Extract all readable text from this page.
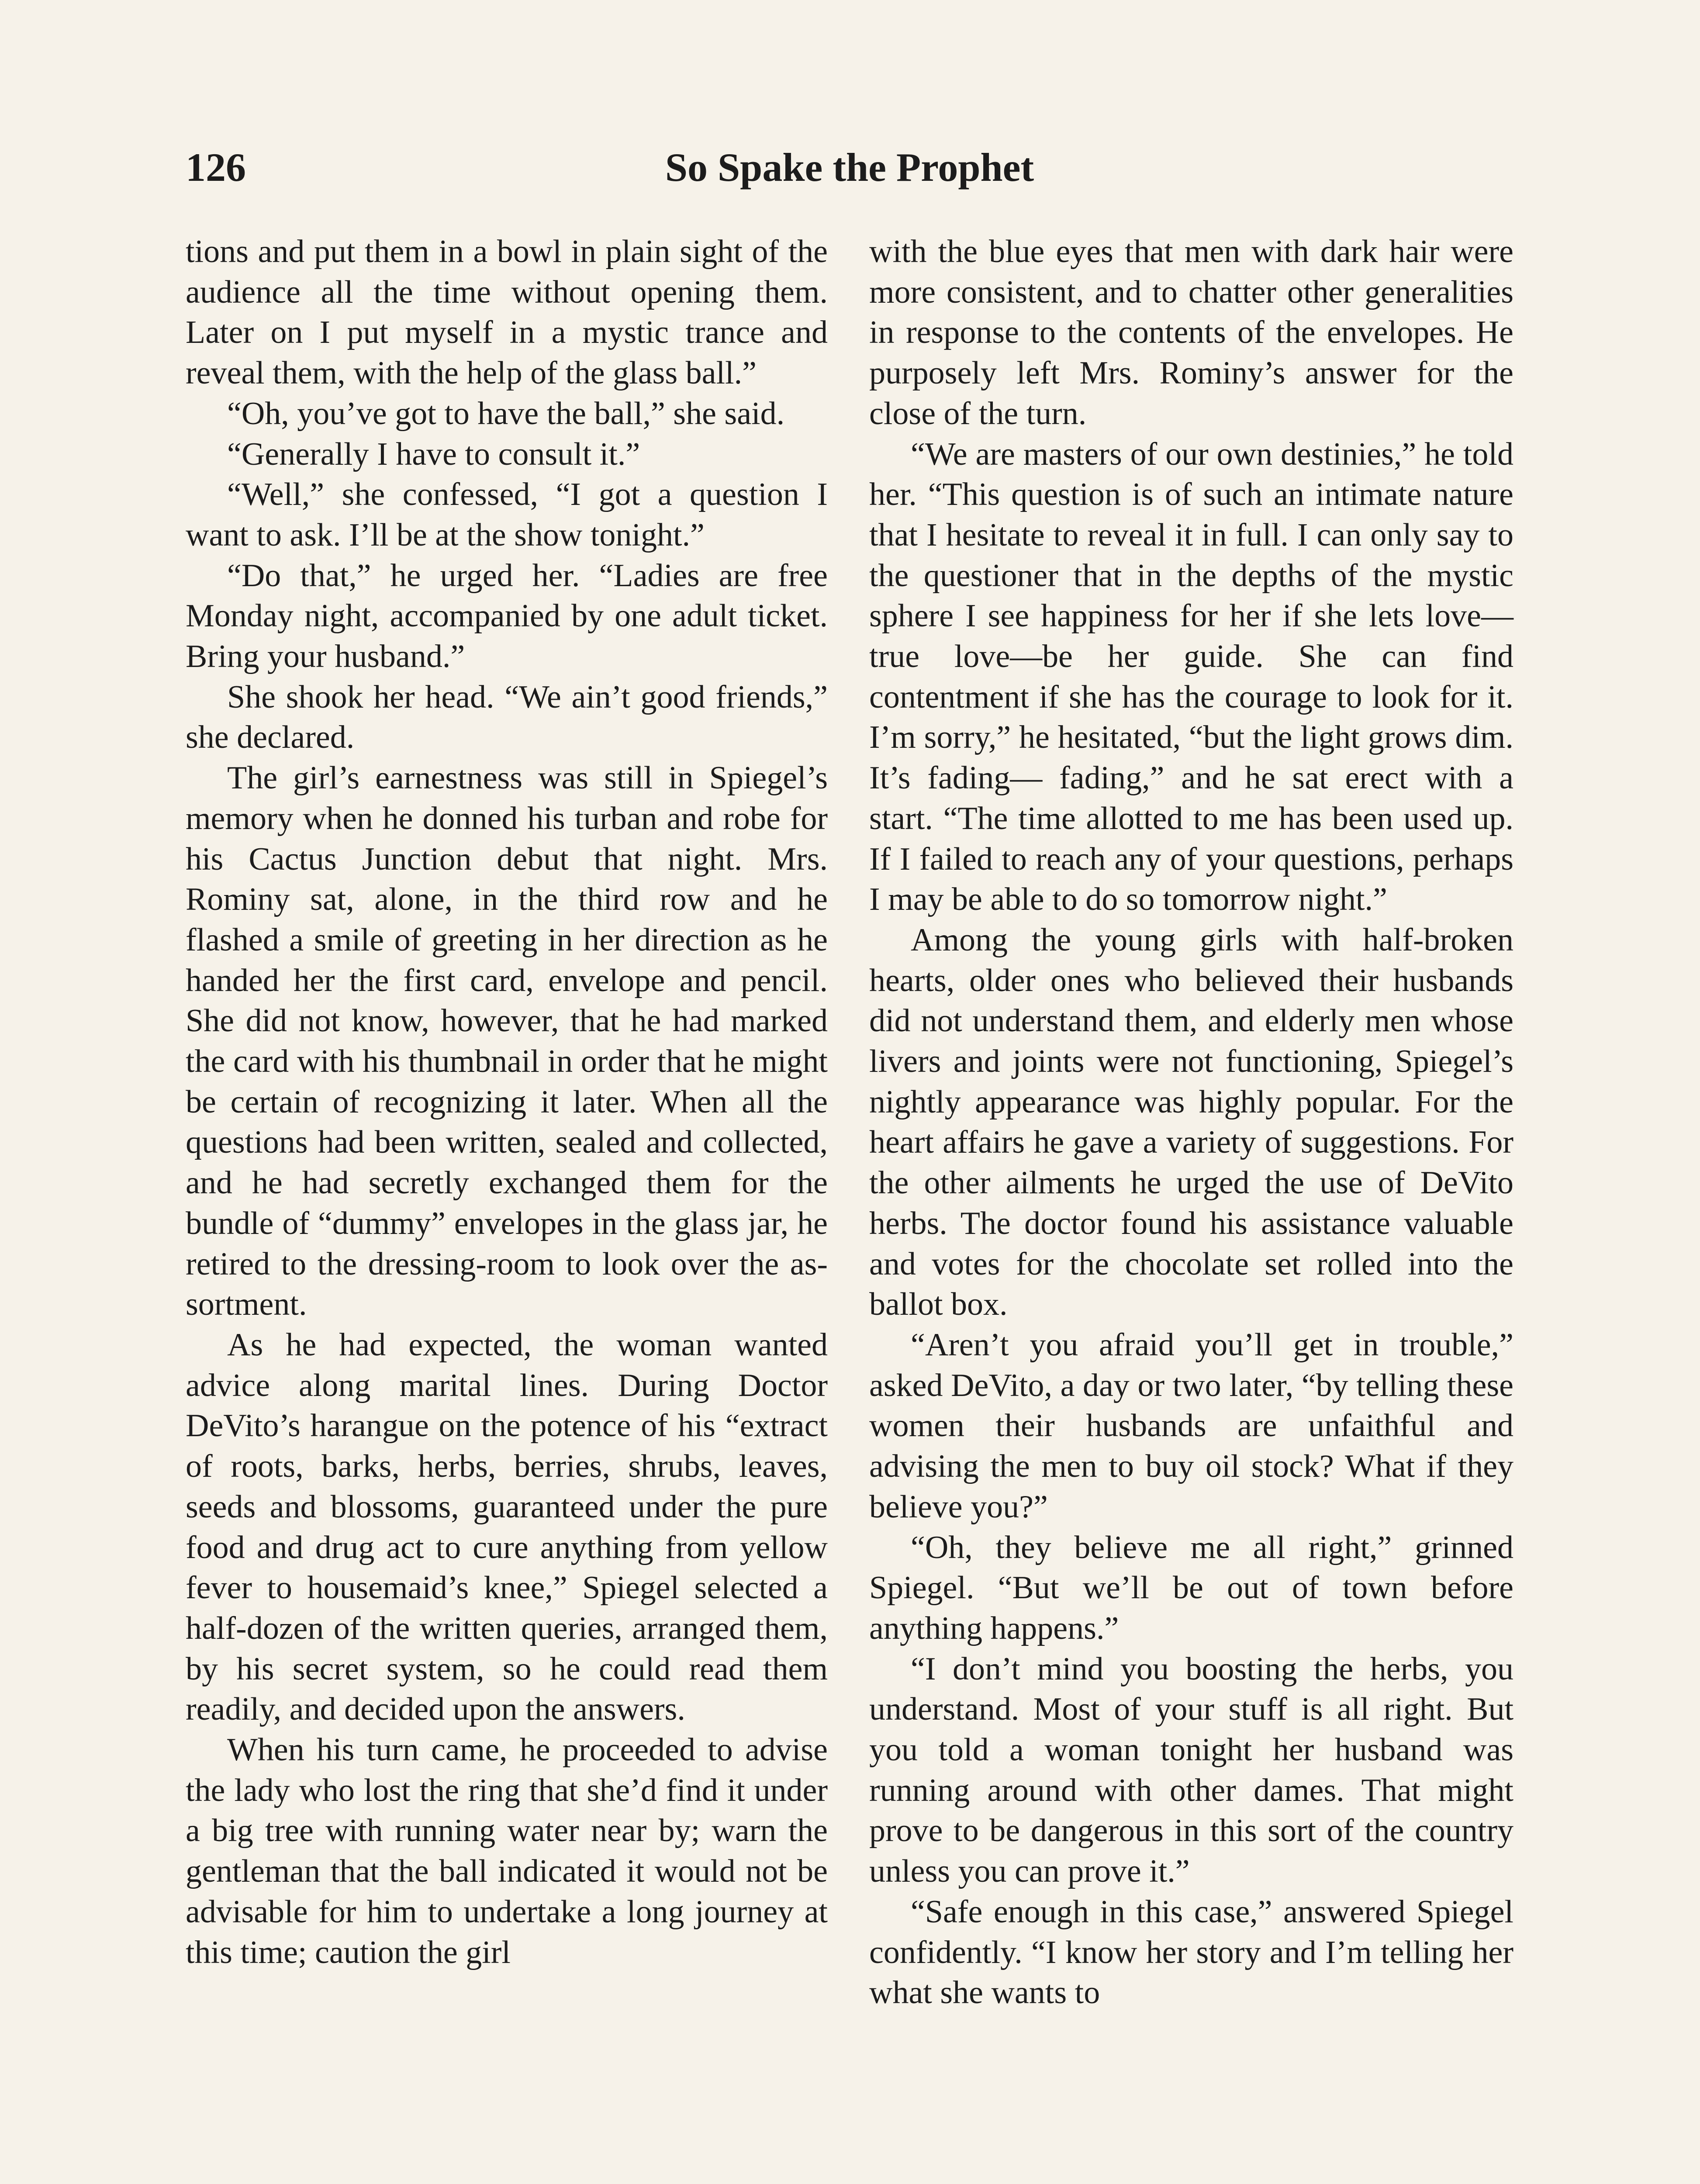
126	So Spake the Prophet

tions and put them in a bowl in plain sight of the audience all the time without opening them. Later on I put myself in a mystic trance and reveal them, with the help of the glass ball.”

“Oh, you’ve got to have the ball,” she said.

“Generally I have to consult it.”

“Well,” she confessed, “I got a question I want to ask. I’ll be at the show tonight.”

“Do that,” he urged her. “Ladies are free Monday night, accompanied by one adult ticket. Bring your husband.”

She shook her head. “We ain’t good friends,” she declared.

The girl’s earnestness was still in Spiegel’s memory when he donned his turban and robe for his Cactus Junction debut that night. Mrs. Rominy sat, alone, in the third row and he flashed a smile of greeting in her direction as he handed her the first card, envelope and pencil. She did not know, however, that he had marked the card with his thumbnail in order that he might be certain of recognizing it later. When all the questions had been written, sealed and collected, and he had secretly exchanged them for the bundle of “dummy” envelopes in the glass jar, he retired to the dressing-room to look over the assortment.

As he had expected, the woman wanted advice along marital lines. During Doctor DeVito’s harangue on the potence of his “extract of roots, barks, herbs, berries, shrubs, leaves, seeds and blossoms, guaranteed under the pure food and drug act to cure anything from yellow fever to housemaid’s knee,” Spiegel selected a half-dozen of the written queries, arranged them, by his secret system, so he could read them readily, and decided upon the answers.

When his turn came, he proceeded to advise the lady who lost the ring that she’d find it under a big tree with running water near by; warn the gentleman that the ball indicated it would not be advisable for him to undertake a long journey at this time; caution the girl

with the blue eyes that men with dark hair were more consistent, and to chatter other generalities in response to the contents of the envelopes. He purposely left Mrs. Rominy’s answer for the close of the turn.

“We are masters of our own destinies,” he told her. “This question is of such an intimate nature that I hesitate to reveal it in full. I can only say to the questioner that in the depths of the mystic sphere I see happiness for her if she lets love—true love—be her guide. She can find contentment if she has the courage to look for it. I’m sorry,” he hesitated, “but the light grows dim. It’s fading— fading,” and he sat erect with a start. “The time allotted to me has been used up. If I failed to reach any of your questions, perhaps I may be able to do so tomorrow night.”

Among the young girls with half-broken hearts, older ones who believed their husbands did not understand them, and elderly men whose livers and joints were not functioning, Spiegel’s nightly appearance was highly popular. For the heart affairs he gave a variety of suggestions. For the other ailments he urged the use of DeVito herbs. The doctor found his assistance valuable and votes for the chocolate set rolled into the ballot box.

“Aren’t you afraid you’ll get in trouble,” asked DeVito, a day or two later, “by telling these women their husbands are unfaithful and advising the men to buy oil stock? What if they believe you?”

“Oh, they believe me all right,” grinned Spiegel. “But we’ll be out of town before anything happens.”

“I don’t mind you boosting the herbs, you understand. Most of your stuff is all right. But you told a woman tonight her husband was running around with other dames. That might prove to be dangerous in this sort of the country unless you can prove it.”

“Safe enough in this case,” answered Spiegel confidently. “I know her story and I’m telling her what she wants to
